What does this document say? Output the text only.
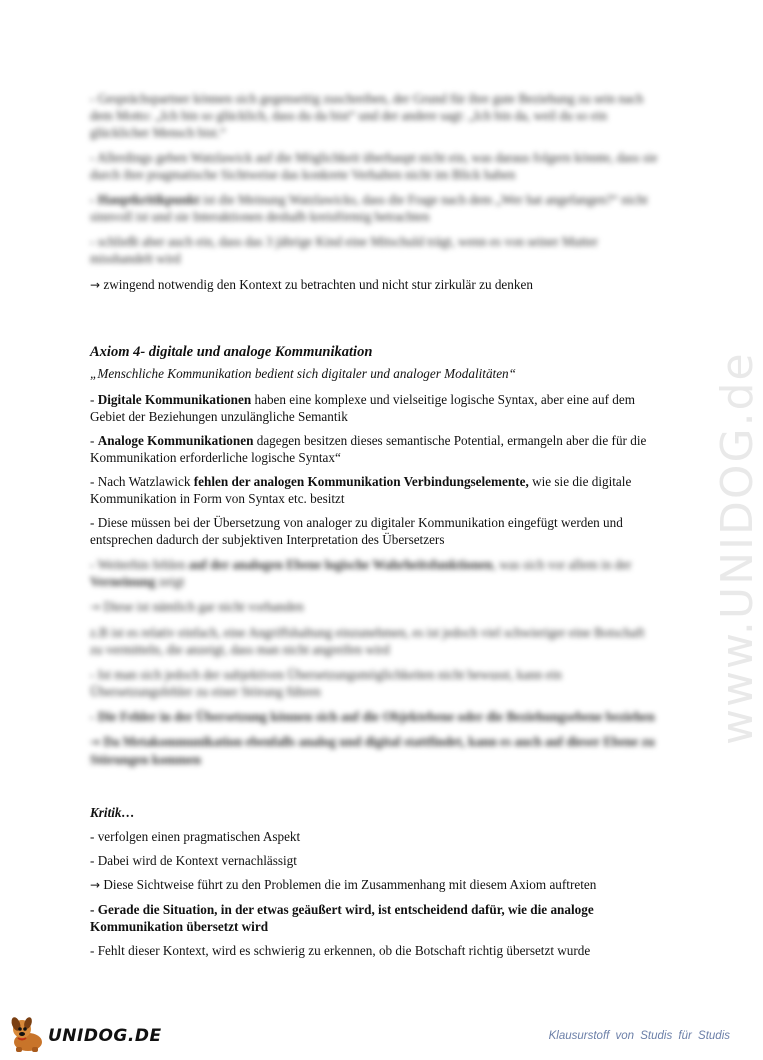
www.UNIDOG.de

- Gesprächspartner können sich gegenseitig zuschreiben, der Grund für ihre gute Beziehung zu sein nach dem Motto: „Ich bin so glücklich, dass du da bist“ und der andere sagt: „Ich bin da, weil du so ein glücklicher Mensch bist.“

- Allerdings geben Watzlawick auf die Möglichkeit überhaupt nicht ein, was daraus folgern könnte, dass sie durch ihre pragmatische Sichtweise das konkrete Verhalten nicht im Blick haben

- Hauptkritikpunkt ist die Meinung Watzlawicks, dass die Frage nach dem „Wer hat angefangen?“ nicht sinnvoll ist und sie Interaktionen deshalb kreisförmig betrachten

- schließt aber auch ein, dass das 3 jährige Kind eine Mitschuld trägt, wenn es von seiner Mutter misshandelt wird

→ zwingend notwendig den Kontext zu betrachten und nicht stur zirkulär zu denken

Axiom 4- digitale und analoge Kommunikation

„Menschliche Kommunikation bedient sich digitaler und analoger Modalitäten“

- Digitale Kommunikationen haben eine komplexe und vielseitige logische Syntax, aber eine auf dem Gebiet der Beziehungen unzulängliche Semantik

- Analoge Kommunikationen dagegen besitzen dieses semantische Potential, ermangeln aber die für die Kommunikation erforderliche logische Syntax“

- Nach Watzlawick fehlen der analogen Kommunikation Verbindungselemente, wie sie die digitale Kommunikation in Form von Syntax etc. besitzt

- Diese müssen bei der Übersetzung von analoger zu digitaler Kommunikation eingefügt werden und entsprechen dadurch der subjektiven Interpretation des Übersetzers

- Weiterhin fehlen auf der analogen Ebene logische Wahrheitsfunktionen, was sich vor allem in der Verneinung zeigt

→ Diese ist nämlich gar nicht vorhanden

z.B ist es relativ einfach, eine Angriffshaltung einzunehmen, es ist jedoch viel schwieriger eine Botschaft zu vermitteln, die anzeigt, dass man nicht angreifen wird

- Ist man sich jedoch der subjektiven Übersetzungsmöglichkeiten nicht bewusst, kann ein Übersetzungsfehler zu einer Störung führen

- Die Fehler in der Übersetzung können sich auf die Objektebene oder die Beziehungsebene beziehen

→ Da Metakommunikation ebenfalls analog und digital stattfindet, kann es auch auf dieser Ebene zu Störungen kommen

Kritik…

- verfolgen einen pragmatischen Aspekt

- Dabei wird de Kontext vernachlässigt

→ Diese Sichtweise führt zu den Problemen die im Zusammenhang mit diesem Axiom auftreten

- Gerade die Situation, in der etwas geäußert wird, ist entscheidend dafür, wie die analoge Kommunikation übersetzt wird

- Fehlt dieser Kontext, wird es schwierig zu erkennen, ob die Botschaft richtig übersetzt wurde

UNIDOG.DE	Klausurstoff von Studis für Studis
